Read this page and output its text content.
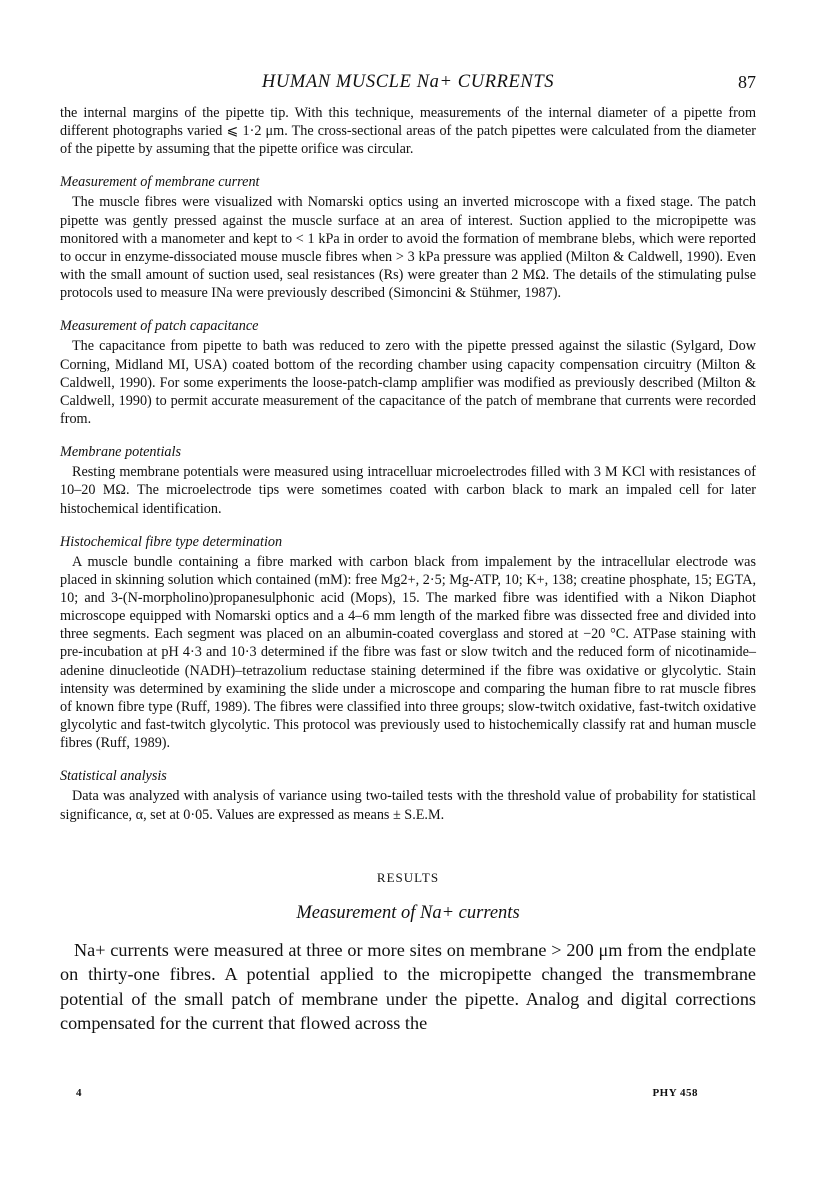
HUMAN MUSCLE Na+ CURRENTS	87

the internal margins of the pipette tip. With this technique, measurements of the internal diameter of a pipette from different photographs varied ⩽ 1·2 μm. The cross-sectional areas of the patch pipettes were calculated from the diameter of the pipette by assuming that the pipette orifice was circular.

Measurement of membrane current

The muscle fibres were visualized with Nomarski optics using an inverted microscope with a fixed stage. The patch pipette was gently pressed against the muscle surface at an area of interest. Suction applied to the micropipette was monitored with a manometer and kept to < 1 kPa in order to avoid the formation of membrane blebs, which were reported to occur in enzyme-dissociated mouse muscle fibres when > 3 kPa pressure was applied (Milton & Caldwell, 1990). Even with the small amount of suction used, seal resistances (Rs) were greater than 2 MΩ. The details of the stimulating pulse protocols used to measure INa were previously described (Simoncini & Stühmer, 1987).

Measurement of patch capacitance

The capacitance from pipette to bath was reduced to zero with the pipette pressed against the silastic (Sylgard, Dow Corning, Midland MI, USA) coated bottom of the recording chamber using capacity compensation circuitry (Milton & Caldwell, 1990). For some experiments the loose-patch-clamp amplifier was modified as previously described (Milton & Caldwell, 1990) to permit accurate measurement of the capacitance of the patch of membrane that currents were recorded from.

Membrane potentials

Resting membrane potentials were measured using intracelluar microelectrodes filled with 3 M KCl with resistances of 10–20 MΩ. The microelectrode tips were sometimes coated with carbon black to mark an impaled cell for later histochemical identification.

Histochemical fibre type determination

A muscle bundle containing a fibre marked with carbon black from impalement by the intracellular electrode was placed in skinning solution which contained (mM): free Mg2+, 2·5; Mg-ATP, 10; K+, 138; creatine phosphate, 15; EGTA, 10; and 3-(N-morpholino)propanesulphonic acid (Mops), 15. The marked fibre was identified with a Nikon Diaphot microscope equipped with Nomarski optics and a 4–6 mm length of the marked fibre was dissected free and divided into three segments. Each segment was placed on an albumin-coated coverglass and stored at −20 °C. ATPase staining with pre-incubation at pH 4·3 and 10·3 determined if the fibre was fast or slow twitch and the reduced form of nicotinamide–adenine dinucleotide (NADH)–tetrazolium reductase staining determined if the fibre was oxidative or glycolytic. Stain intensity was determined by examining the slide under a microscope and comparing the human fibre to rat muscle fibres of known fibre type (Ruff, 1989). The fibres were classified into three groups; slow-twitch oxidative, fast-twitch oxidative glycolytic and fast-twitch glycolytic. This protocol was previously used to histochemically classify rat and human muscle fibres (Ruff, 1989).

Statistical analysis

Data was analyzed with analysis of variance using two-tailed tests with the threshold value of probability for statistical significance, α, set at 0·05. Values are expressed as means ± S.E.M.

RESULTS
Measurement of Na+ currents

Na+ currents were measured at three or more sites on membrane > 200 μm from the endplate on thirty-one fibres. A potential applied to the micropipette changed the transmembrane potential of the small patch of membrane under the pipette. Analog and digital corrections compensated for the current that flowed across the

4	PHY 458
